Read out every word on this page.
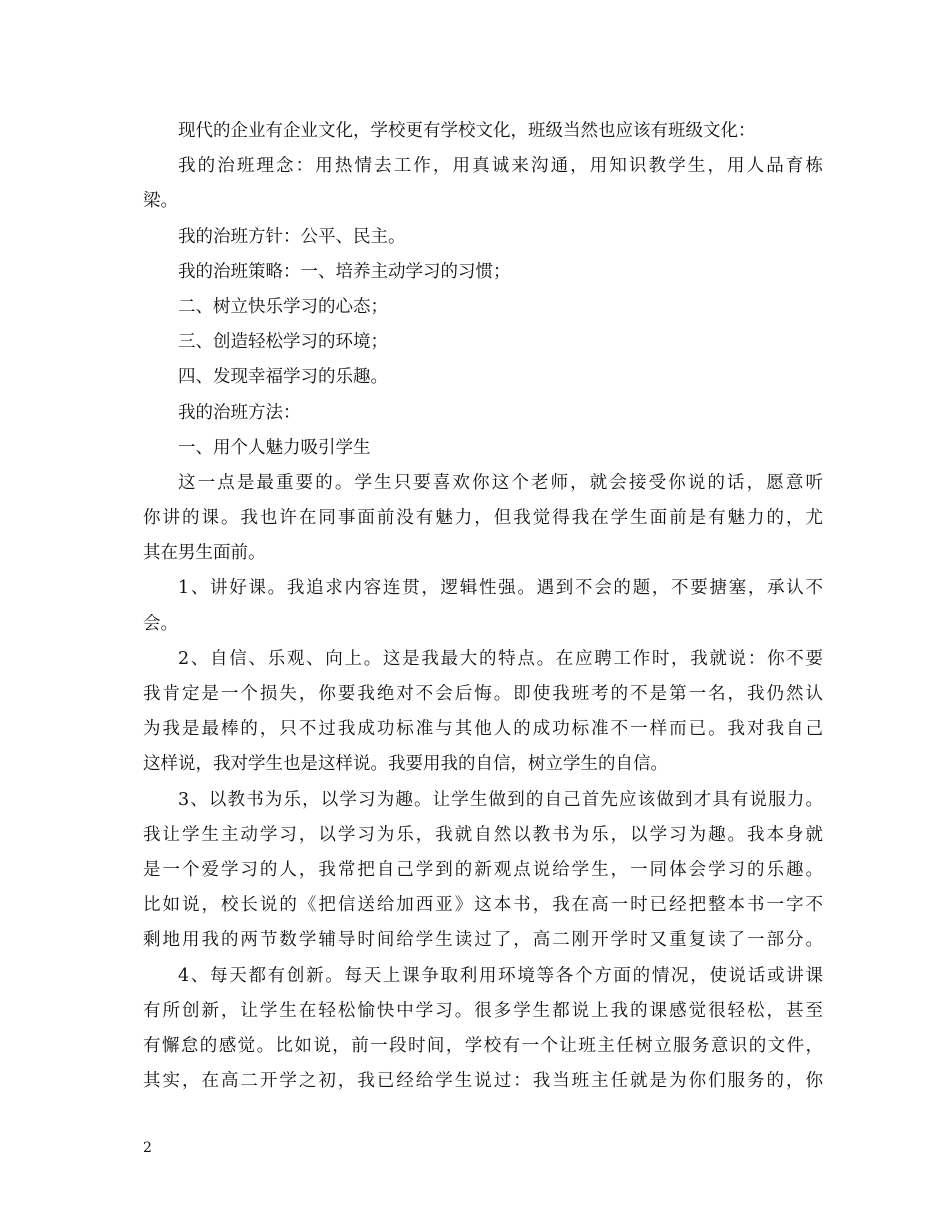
现代的企业有企业文化，学校更有学校文化，班级当然也应该有班级文化：
我的治班理念：用热情去工作，用真诚来沟通，用知识教学生，用人品育栋
梁。
我的治班方针：公平、民主。
我的治班策略：一、培养主动学习的习惯；
二、树立快乐学习的心态；
三、创造轻松学习的环境；
四、发现幸福学习的乐趣。
我的治班方法：
一、用个人魅力吸引学生
这一点是最重要的。学生只要喜欢你这个老师，就会接受你说的话，愿意听
你讲的课。我也许在同事面前没有魅力，但我觉得我在学生面前是有魅力的，尤
其在男生面前。
1、讲好课。我追求内容连贯，逻辑性强。遇到不会的题，不要搪塞，承认不
会。
2、自信、乐观、向上。这是我最大的特点。在应聘工作时，我就说：你不要
我肯定是一个损失，你要我绝对不会后悔。即使我班考的不是第一名，我仍然认
为我是最棒的，只不过我成功标准与其他人的成功标准不一样而已。我对我自己
这样说，我对学生也是这样说。我要用我的自信，树立学生的自信。
3、以教书为乐，以学习为趣。让学生做到的自己首先应该做到才具有说服力。
我让学生主动学习，以学习为乐，我就自然以教书为乐，以学习为趣。我本身就
是一个爱学习的人，我常把自己学到的新观点说给学生，一同体会学习的乐趣。
比如说，校长说的《把信送给加西亚》这本书，我在高一时已经把整本书一字不
剩地用我的两节数学辅导时间给学生读过了，高二刚开学时又重复读了一部分。
4、每天都有创新。每天上课争取利用环境等各个方面的情况，使说话或讲课
有所创新，让学生在轻松愉快中学习。很多学生都说上我的课感觉很轻松，甚至
有懈怠的感觉。比如说，前一段时间，学校有一个让班主任树立服务意识的文件，
其实，在高二开学之初，我已经给学生说过：我当班主任就是为你们服务的，你
2
